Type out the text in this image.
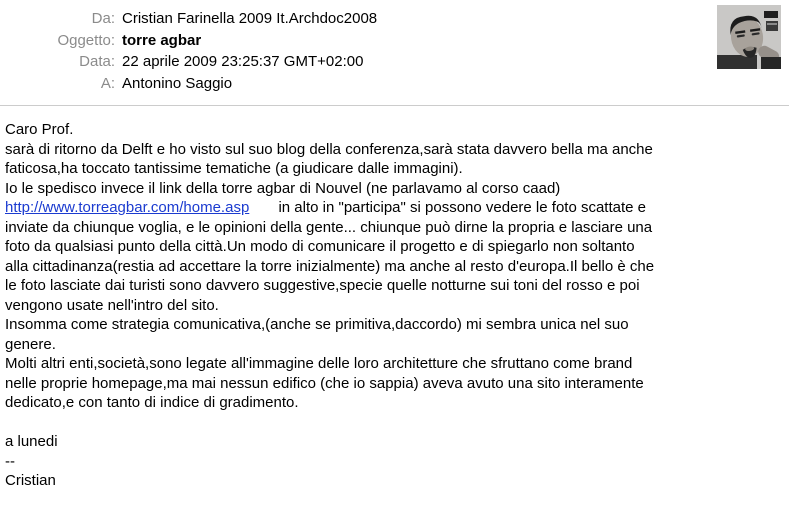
Da: Cristian Farinella 2009 It.Archdoc2008
Oggetto: torre agbar
Data: 22 aprile 2009 23:25:37 GMT+02:00
A: Antonino Saggio
Caro Prof.
sarà di ritorno da Delft e ho visto sul suo blog della conferenza,sarà stata davvero bella ma anche
faticosa,ha toccato tantissime tematiche (a giudicare dalle immagini).
Io le spedisco invece il link della torre agbar di Nouvel (ne parlavamo al corso caad)
http://www.torreagbar.com/home.asp       in alto in "participa" si possono vedere le foto scattate e
inviate da chiunque voglia, e le opinioni della gente... chiunque può dirne la propria e lasciare una
foto da qualsiasi punto della città.Un modo di comunicare il progetto e di spiegarlo non soltanto
alla cittadinanza(restia ad accettare la torre inizialmente) ma anche al resto d'europa.Il bello è che
le foto lasciate dai turisti sono davvero suggestive,specie quelle notturne sui toni del rosso e poi
vengono usate nell'intro del sito.
Insomma come strategia comunicativa,(anche se primitiva,daccordo) mi sembra unica nel suo
genere.
Molti altri enti,società,sono legate all'immagine delle loro architetture che sfruttano come brand
nelle proprie homepage,ma mai nessun edifico (che io sappia) aveva avuto una sito interamente
dedicato,e con tanto di indice di gradimento.

a lunedi
--
Cristian
